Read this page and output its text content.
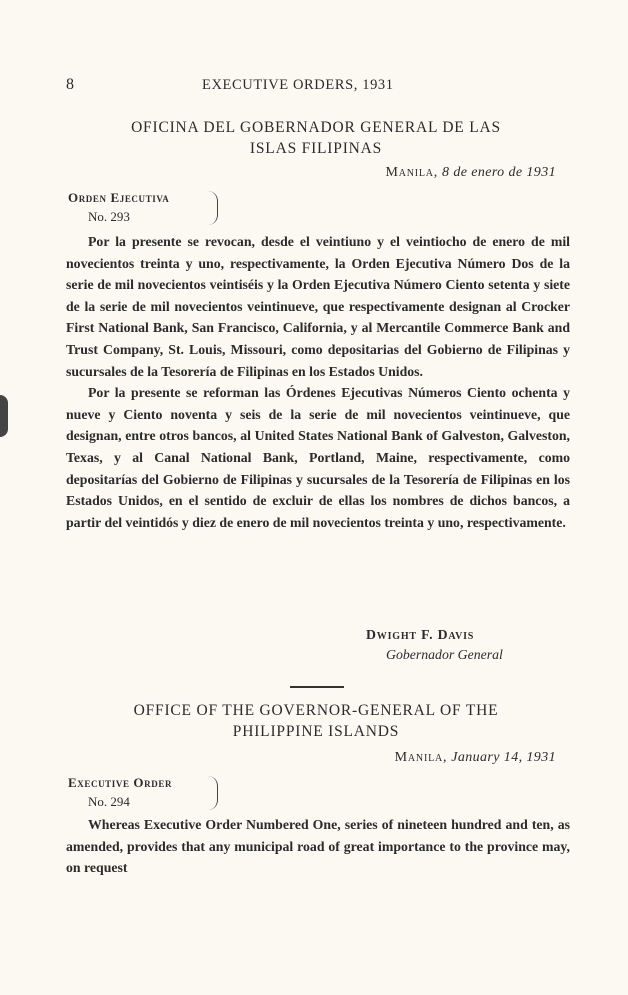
8	EXECUTIVE ORDERS, 1931
OFICINA DEL GOBERNADOR GENERAL DE LAS
ISLAS FILIPINAS
Manila, 8 de enero de 1931
Orden Ejecutiva
No. 293

Por la presente se revocan, desde el veintiuno y el veintiocho de enero de mil novecientos treinta y uno, respectivamente, la Orden Ejecutiva Número Dos de la serie de mil novecientos veintiséis y la Orden Ejecutiva Número Ciento setenta y siete de la serie de mil novecientos veintinueve, que respectivamente designan al Crocker First National Bank, San Francisco, California, y al Mercantile Commerce Bank and Trust Company, St. Louis, Missouri, como depositarias del Gobierno de Filipinas y sucursales de la Tesorería de Filipinas en los Estados Unidos.

Por la presente se reforman las Órdenes Ejecutivas Números Ciento ochenta y nueve y Ciento noventa y seis de la serie de mil novecientos veintinueve, que designan, entre otros bancos, al United States National Bank of Galveston, Galveston, Texas, y al Canal National Bank, Portland, Maine, respectivamente, como depositarías del Gobierno de Filipinas y sucursales de la Tesorería de Filipinas en los Estados Unidos, en el sentido de excluir de ellas los nombres de dichos bancos, a partir del veintidós y diez de enero de mil novecientos treinta y uno, respectivamente.

Dwight F. Davis
Gobernador General
OFFICE OF THE GOVERNOR-GENERAL OF THE
PHILIPPINE ISLANDS
Manila, January 14, 1931
Executive Order
No. 294

Whereas Executive Order Numbered One, series of nineteen hundred and ten, as amended, provides that any municipal road of great importance to the province may, on request
